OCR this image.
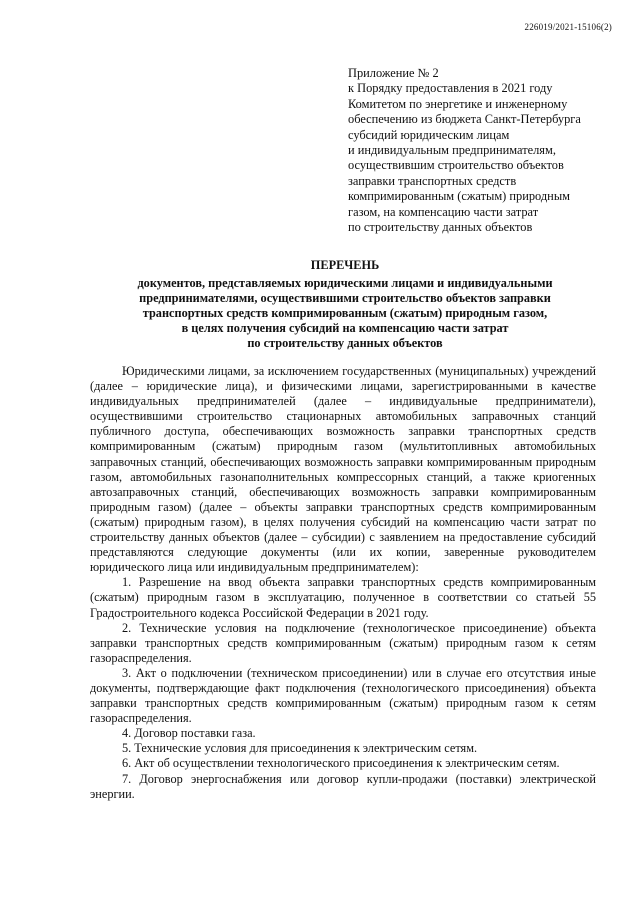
226019/2021-15106(2)
Приложение № 2
к Порядку предоставления в 2021 году
Комитетом по энергетике и инженерному
обеспечению из бюджета Санкт-Петербурга
субсидий юридическим лицам
и индивидуальным предпринимателям,
осуществившим строительство объектов
заправки транспортных средств
компримированным (сжатым) природным
газом, на компенсацию части затрат
по строительству данных объектов
ПЕРЕЧЕНЬ
документов, представляемых юридическими лицами и индивидуальными
предпринимателями, осуществившими строительство объектов заправки
транспортных средств компримированным (сжатым) природным газом,
в целях получения субсидий на компенсацию части затрат
по строительству данных объектов

Юридическими лицами, за исключением государственных (муниципальных) учреждений (далее – юридические лица), и физическими лицами, зарегистрированными в качестве индивидуальных предпринимателей (далее – индивидуальные предприниматели), осуществившими строительство стационарных автомобильных заправочных станций публичного доступа, обеспечивающих возможность заправки транспортных средств компримированным (сжатым) природным газом (мультитопливных автомобильных заправочных станций, обеспечивающих возможность заправки компримированным природным газом, автомобильных газонаполнительных компрессорных станций, а также криогенных автозаправочных станций, обеспечивающих возможность заправки компримированным природным газом) (далее – объекты заправки транспортных средств компримированным (сжатым) природным газом), в целях получения субсидий на компенсацию части затрат по строительству данных объектов (далее – субсидии) с заявлением на предоставление субсидий представляются следующие документы (или их копии, заверенные руководителем юридического лица или индивидуальным предпринимателем):

1. Разрешение на ввод объекта заправки транспортных средств компримированным (сжатым) природным газом в эксплуатацию, полученное в соответствии со статьей 55 Градостроительного кодекса Российской Федерации в 2021 году.

2. Технические условия на подключение (технологическое присоединение) объекта заправки транспортных средств компримированным (сжатым) природным газом к сетям газораспределения.

3. Акт о подключении (техническом присоединении) или в случае его отсутствия иные документы, подтверждающие факт подключения (технологического присоединения) объекта заправки транспортных средств компримированным (сжатым) природным газом к сетям газораспределения.

4. Договор поставки газа.

5. Технические условия для присоединения к электрическим сетям.

6. Акт об осуществлении технологического присоединения к электрическим сетям.

7. Договор энергоснабжения или договор купли-продажи (поставки) электрической энергии.
